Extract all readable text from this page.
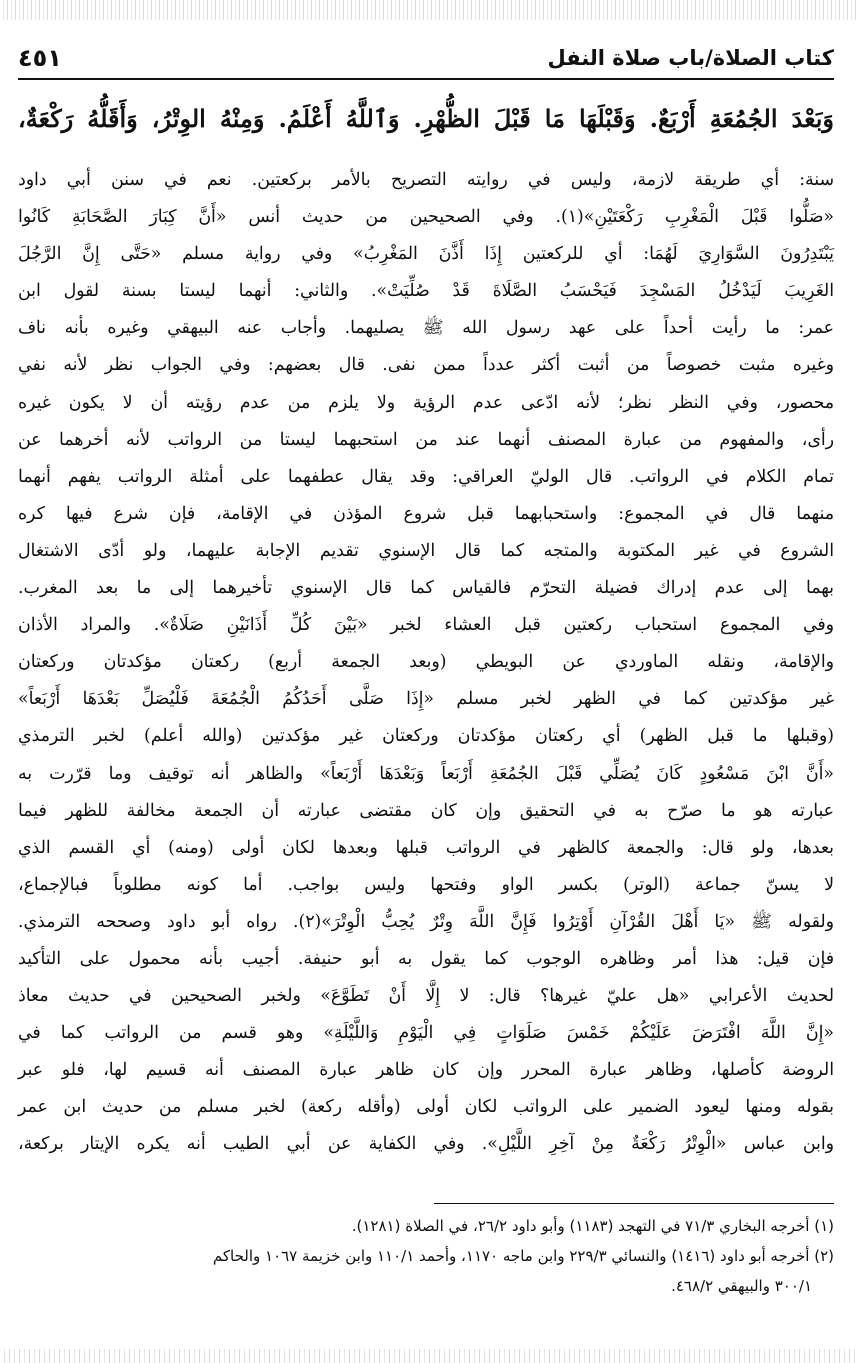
كتاب الصلاة/باب صلاة النفل
٤٥١
وَبَعْدَ الجُمُعَةِ أَرْبَعٌ. وَقَبْلَهَا مَا قَبْلَ الظُّهْرِ. وَٱللَّهُ أَعْلَمُ. وَمِنْهُ الوِتْرُ، وَأَقَلُّهُ رَكْعَةٌ،
سنة: أي طريقة لازمة، وليس في روايته التصريح بالأمر بركعتين. نعم في سنن أبي داود
«صَلُّوا قَبْلَ الْمَغْرِبِ رَكْعَتَيْنِ»(١). وفي الصحيحين من حديث أنس «أَنَّ كِبَارَ الصَّحَابَةِ كَانُوا
يَبْتَدِرُونَ السَّوَارِيَ لَهُمَا: أي للركعتين إِذَا أَذَّنَ المَغْرِبُ» وفي رواية مسلم «حَتَّى إِنَّ الرَّجُلَ
الغَرِيبَ لَيَدْخُلُ المَسْجِدَ فَيَحْسَبُ الصَّلَاةَ قَدْ صُلِّيَتْ». والثاني: أنهما ليستا بسنة لقول ابن
عمر: ما رأيت أحداً على عهد رسول الله ﷺ يصليهما. وأجاب عنه البيهقي وغيره بأنه ناف
وغيره مثبت خصوصاً من أثبت أكثر عدداً ممن نفى. قال بعضهم: وفي الجواب نظر لأنه نفي
محصور، وفي النظر نظر؛ لأنه ادّعى عدم الرؤية ولا يلزم من عدم رؤيته أن لا يكون غيره
رأى، والمفهوم من عبارة المصنف أنهما عند من استحبهما ليستا من الرواتب لأنه أخرهما عن
تمام الكلام في الرواتب. قال الوليّ العراقي: وقد يقال عطفهما على أمثلة الرواتب يفهم أنهما
منهما قال في المجموع: واستحبابهما قبل شروع المؤذن في الإقامة، فإن شرع فيها كره
الشروع في غير المكتوبة والمتجه كما قال الإسنوي تقديم الإجابة عليهما، ولو أدّى الاشتغال
بهما إلى عدم إدراك فضيلة التحرّم فالقياس كما قال الإسنوي تأخيرهما إلى ما بعد المغرب.
وفي المجموع استحباب ركعتين قبل العشاء لخبر «بَيْنَ كُلِّ أَذَانَيْنِ صَلَاةٌ». والمراد الأذان
والإقامة، ونقله الماوردي عن البويطي (وبعد الجمعة أربع) ركعتان مؤكدتان وركعتان
غير مؤكدتين كما في الظهر لخبر مسلم «إِذَا صَلَّى أَحَدُكُمُ الْجُمُعَةَ فَلْيُصَلِّ بَعْدَهَا أَرْبَعاً»
(وقبلها ما قبل الظهر) أي ركعتان مؤكدتان وركعتان غير مؤكدتين (والله أعلم) لخبر الترمذي
«أَنَّ ابْنَ مَسْعُودٍ كَانَ يُصَلِّي قَبْلَ الجُمُعَةِ أَرْبَعاً وَبَعْدَهَا أَرْبَعاً» والظاهر أنه توقيف وما قرّرت به
عبارته هو ما صرّح به في التحقيق وإن كان مقتضى عبارته أن الجمعة مخالفة للظهر فيما
بعدها، ولو قال: والجمعة كالظهر في الرواتب قبلها وبعدها لكان أولى (ومنه) أي القسم الذي
لا يسنّ جماعة (الوتر) بكسر الواو وفتحها وليس بواجب. أما كونه مطلوباً فبالإجماع،
ولقوله ﷺ «يَا أَهْلَ القُرْآنِ أَوْتِرُوا فَإِنَّ اللَّهَ وِتْرٌ يُحِبُّ الْوِتْرَ»(٢). رواه أبو داود وصححه الترمذي.
فإن قيل: هذا أمر وظاهره الوجوب كما يقول به أبو حنيفة. أجيب بأنه محمول على التأكيد
لحديث الأعرابي «هل عليّ غيرها؟ قال: لا إِلَّا أَنْ تَطَوَّعَ» ولخبر الصحيحين في حديث معاذ
«إِنَّ اللَّهَ افْتَرَضَ عَلَيْكُمْ خَمْسَ صَلَوَاتٍ فِي الْيَوْمِ وَاللَّيْلَةِ» وهو قسم من الرواتب كما في
الروضة كأصلها، وظاهر عبارة المحرر وإن كان ظاهر عبارة المصنف أنه قسيم لها، فلو عبر
بقوله ومنها ليعود الضمير على الرواتب لكان أولى (وأقله ركعة) لخبر مسلم من حديث ابن عمر
وابن عباس «الْوِتْرُ رَكْعَةٌ مِنْ آخِرِ اللَّيْلِ». وفي الكفاية عن أبي الطيب أنه يكره الإيتار بركعة،
(١) أخرجه البخاري ٧١/٣ في التهجد (١١٨٣) وأبو داود ٢٦/٢، في الصلاة (١٢٨١).
(٢) أخرجه أبو داود (١٤١٦) والنسائي ٢٢٩/٣ وابن ماجه ١١٧٠، وأحمد ١١٠/١ وابن خزيمة ١٠٦٧ والحاكم
٣٠٠/١ والبيهقي ٤٦٨/٢.
